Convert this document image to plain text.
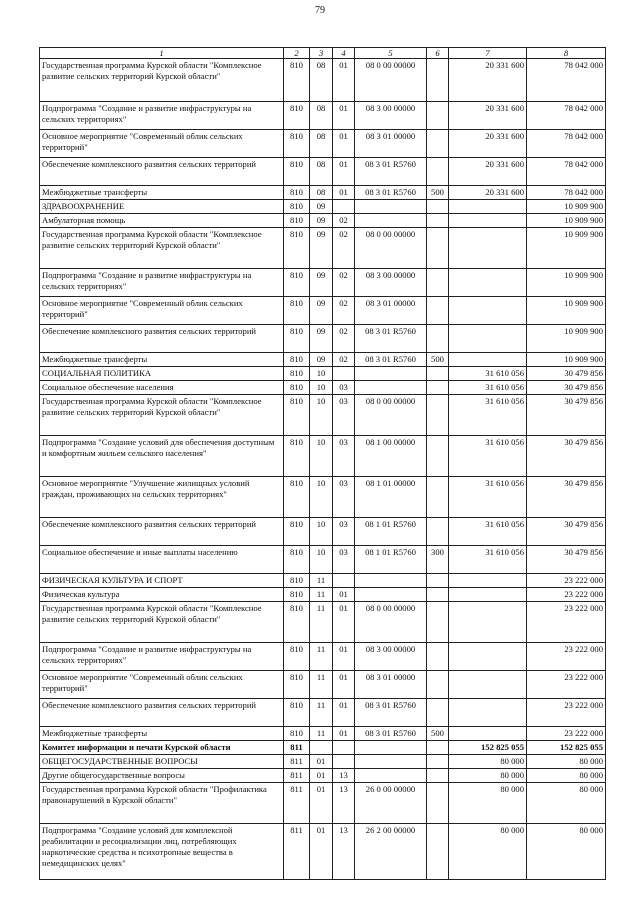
79
1	2	3	4	5	6	7	8
Государственная программа Курской области "Комплексное развитие сельских территорий Курской области"	810	08	01	08 0 00 00000		20 331 600	78 042 000
Подпрограмма "Создание и развитие инфраструктуры на сельских территориях"	810	08	01	08 3 00 00000		20 331 600	78 042 000
Основное мероприятие "Современный облик сельских территорий"	810	08	01	08 3 01 00000		20 331 600	78 042 000
Обеспечение комплексного развития сельских территорий	810	08	01	08 3 01 R5760		20 331 600	78 042 000
Межбюджетные трансферты	810	08	01	08 3 01 R5760	500	20 331 600	78 042 000
ЗДРАВООХРАНЕНИЕ	810	09					10 909 900
Амбулаторная помощь	810	09	02				10 909 900
Государственная программа Курской области "Комплексное развитие сельских территорий Курской области"	810	09	02	08 0 00 00000			10 909 900
Подпрограмма "Создание и развитие инфраструктуры на сельских территориях"	810	09	02	08 3 00 00000			10 909 900
Основное мероприятие "Современный облик сельских территорий"	810	09	02	08 3 01 00000			10 909 900
Обеспечение комплексного развития сельских территорий	810	09	02	08 3 01 R5760			10 909 900
Межбюджетные трансферты	810	09	02	08 3 01 R5760	500		10 909 900
СОЦИАЛЬНАЯ ПОЛИТИКА	810	10				31 610 056	30 479 856
Социальное обеспечение населения	810	10	03			31 610 056	30 479 856
Государственная программа Курской области "Комплексное развитие сельских территорий Курской области"	810	10	03	08 0 00 00000		31 610 056	30 479 856
Подпрограмма "Создание условий для обеспечения доступным и комфортным жильем сельского населения"	810	10	03	08 1 00 00000		31 610 056	30 479 856
Основное мероприятие "Улучшение жилищных условий граждан, проживающих на сельских территориях"	810	10	03	08 1 01 00000		31 610 056	30 479 856
Обеспечение комплексного развития сельских территорий	810	10	03	08 1 01 R5760		31 610 056	30 479 856
Социальное обеспечение и иные выплаты населению	810	10	03	08 1 01 R5760	300	31 610 056	30 479 856
ФИЗИЧЕСКАЯ КУЛЬТУРА И СПОРТ	810	11					23 222 000
Физическая культура	810	11	01				23 222 000
Государственная программа Курской области "Комплексное развитие сельских территорий Курской области"	810	11	01	08 0 00 00000			23 222 000
Подпрограмма "Создание и развитие инфраструктуры на сельских территориях"	810	11	01	08 3 00 00000			23 222 000
Основное мероприятие "Современный облик сельских территорий"	810	11	01	08 3 01 00000			23 222 000
Обеспечение комплексного развития сельских территорий	810	11	01	08 3 01 R5760			23 222 000
Межбюджетные трансферты	810	11	01	08 3 01 R5760	500		23 222 000
Комитет информации и печати Курской области	811					152 825 055	152 825 055
ОБЩЕГОСУДАРСТВЕННЫЕ ВОПРОСЫ	811	01				80 000	80 000
Другие общегосударственные вопросы	811	01	13			80 000	80 000
Государственная программа Курской области "Профилактика правонарушений в Курской области"	811	01	13	26 0 00 00000		80 000	80 000
Подпрограмма "Создание условий для комплексной реабилитации и ресоциализации лиц, потребляющих наркотические средства и психотропные вещества в немедицинских целях"	811	01	13	26 2 00 00000		80 000	80 000
